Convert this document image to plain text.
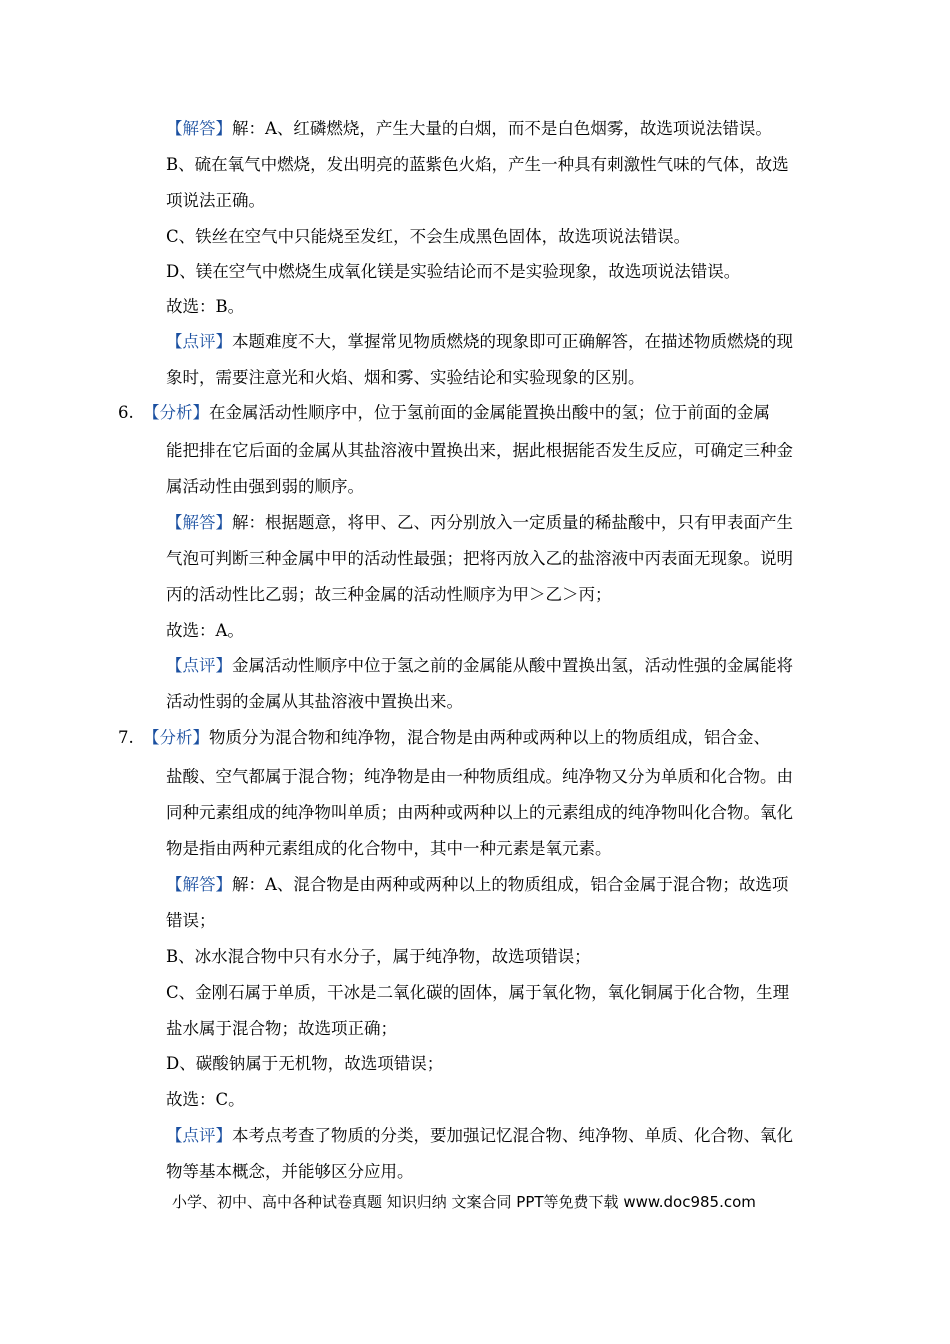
【解答】解：A、红磷燃烧，产生大量的白烟，而不是白色烟雾，故选项说法错误。
B、硫在氧气中燃烧，发出明亮的蓝紫色火焰，产生一种具有刺激性气味的气体，故选
项说法正确。
C、铁丝在空气中只能烧至发红，不会生成黑色固体，故选项说法错误。
D、镁在空气中燃烧生成氧化镁是实验结论而不是实验现象，故选项说法错误。
故选：B。
【点评】本题难度不大，掌握常见物质燃烧的现象即可正确解答，在描述物质燃烧的现
象时，需要注意光和火焰、烟和雾、实验结论和实验现象的区别。
6. 【分析】在金属活动性顺序中，位于氢前面的金属能置换出酸中的氢；位于前面的金属
能把排在它后面的金属从其盐溶液中置换出来，据此根据能否发生反应，可确定三种金
属活动性由强到弱的顺序。
【解答】解：根据题意，将甲、乙、丙分别放入一定质量的稀盐酸中，只有甲表面产生
气泡可判断三种金属中甲的活动性最强；把将丙放入乙的盐溶液中丙表面无现象。说明
丙的活动性比乙弱；故三种金属的活动性顺序为甲＞乙＞丙；
故选：A。
【点评】金属活动性顺序中位于氢之前的金属能从酸中置换出氢，活动性强的金属能将
活动性弱的金属从其盐溶液中置换出来。
7. 【分析】物质分为混合物和纯净物，混合物是由两种或两种以上的物质组成，铝合金、
盐酸、空气都属于混合物；纯净物是由一种物质组成。纯净物又分为单质和化合物。由
同种元素组成的纯净物叫单质；由两种或两种以上的元素组成的纯净物叫化合物。氧化
物是指由两种元素组成的化合物中，其中一种元素是氧元素。
【解答】解：A、混合物是由两种或两种以上的物质组成，铝合金属于混合物；故选项
错误；
B、冰水混合物中只有水分子，属于纯净物，故选项错误；
C、金刚石属于单质，干冰是二氧化碳的固体，属于氧化物，氧化铜属于化合物，生理
盐水属于混合物；故选项正确；
D、碳酸钠属于无机物，故选项错误；
故选：C。
【点评】本考点考查了物质的分类，要加强记忆混合物、纯净物、单质、化合物、氧化
物等基本概念，并能够区分应用。
小学、初中、高中各种试卷真题 知识归纳 文案合同 PPT等免费下载 www.doc985.com
